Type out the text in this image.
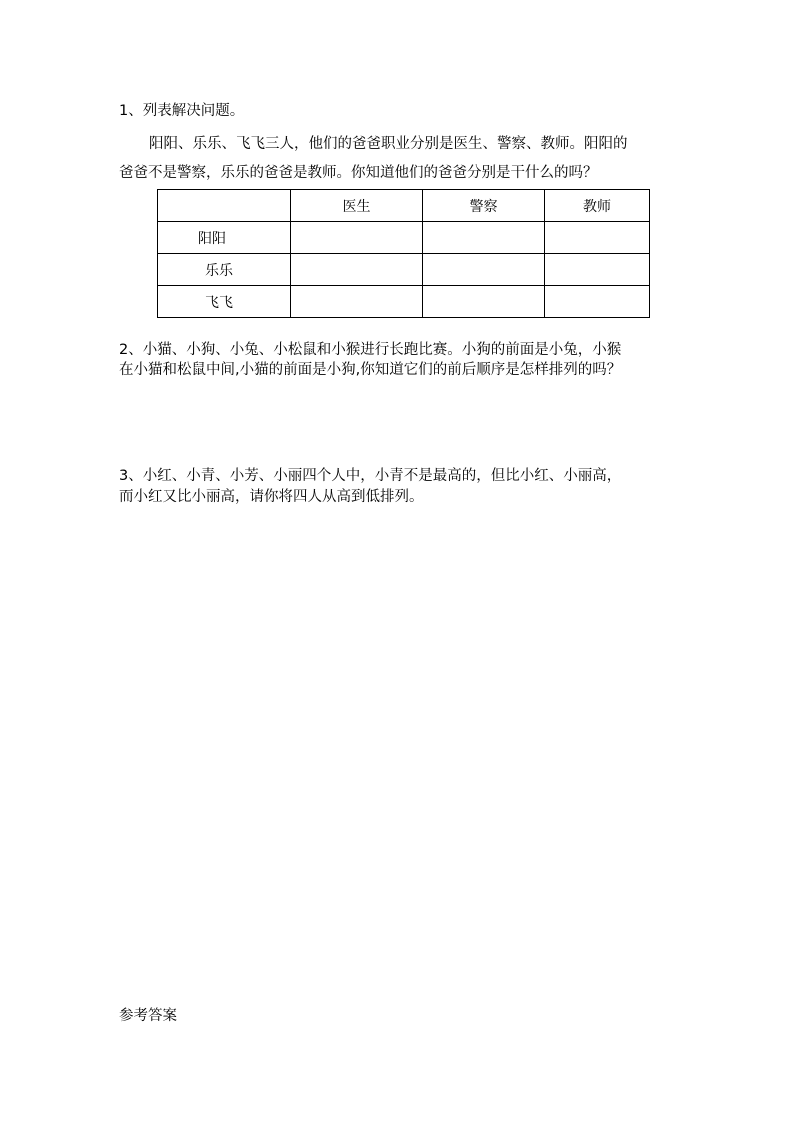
1、列表解决问题。
阳阳、乐乐、飞飞三人，他们的爸爸职业分别是医生、警察、教师。阳阳的
爸爸不是警察，乐乐的爸爸是教师。你知道他们的爸爸分别是干什么的吗？
	医生	警察	教师
阳阳			
乐乐			
飞飞			
2、小猫、小狗、小兔、小松鼠和小猴进行长跑比赛。小狗的前面是小兔，小猴
在小猫和松鼠中间,小猫的前面是小狗,你知道它们的前后顺序是怎样排列的吗？
3、小红、小青、小芳、小丽四个人中，小青不是最高的，但比小红、小丽高，
而小红又比小丽高，请你将四人从高到低排列。
参考答案
